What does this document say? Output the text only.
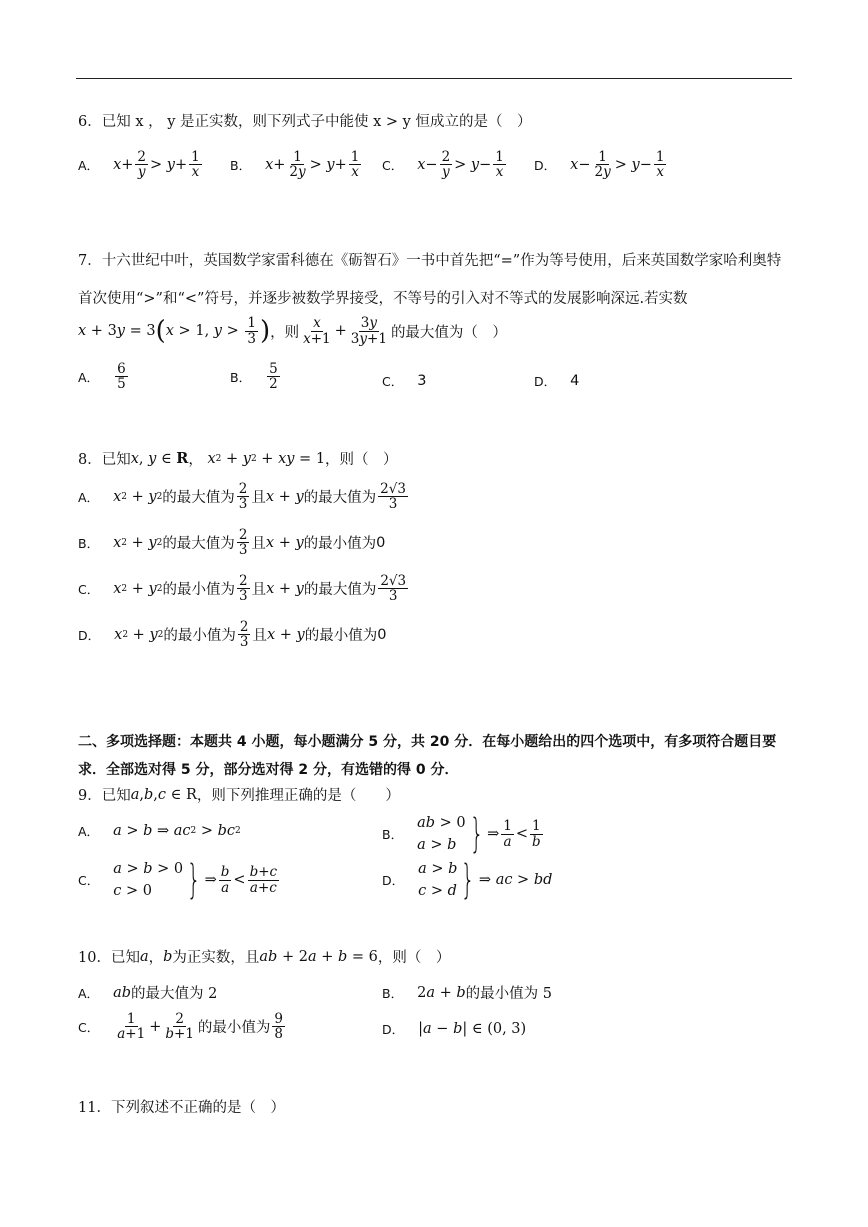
6．已知 x ， y 是正实数，则下列式子中能使 x > y 恒成立的是（　）
A． $x + \frac{2}{y} > y + \frac{1}{x}$ B． $x + \frac{1}{2y} > y + \frac{1}{x}$ C． $x - \frac{2}{y} > y - \frac{1}{x}$ D． $x - \frac{1}{2y} > y - \frac{1}{x}$
7．十六世纪中叶，英国数学家雷科德在《砺智石》一书中首先把“=”作为等号使用，后来英国数学家哈利奥特首次使用“>”和“<”符号，并逐步被数学界接受，不等号的引入对不等式的发展影响深远.若实数
x + 3 y = 3 ( x > 1 , $y > \frac{1}{3}$ ) ，则 $\frac{x}{x+1} + \frac{3y}{3y+1}$ 的最大值为（　）
A． $\frac{6}{5}$	B． $\frac{5}{2}$	C． 3	D． 4
8．已知 x , y ∈ R ， x 2 + y 2 + xy = 1 ，则（　）
A． x 2 + y 2 的最大值为 $\frac{2}{3}$ 且 x + y 的最大值为 $\frac{2√3}{3}$
B． x 2 + y 2 的最大值为 $\frac{2}{3}$ 且 x + y 的最小值为 0
C． x 2 + y 2 的最小值为 $\frac{2}{3}$ 且 x + y 的最大值为 $\frac{2√3}{3}$
D． x 2 + y 2 的最小值为 $\frac{2}{3}$ 且 x + y 的最小值为 0
二、多项选择题：本题共 4 小题，每小题满分 5 分，共 20 分．在每小题给出的四个选项中，有多项符合题目要求．全部选对得 5 分，部分选对得 2 分，有选错的得 0 分．
9．已知 a , b , c ∈ R ，则下列推理正确的是（　　）
A． a > b ⇒ ac 2 > bc 2	B．
ab > 0
a > b } ⇒ $\frac{1}{a} < \frac{1}{b}$
C．
a > b > 0
c > 0 } ⇒ $\frac{b}{a} < \frac{b+c}{a+c}$	D．
a > b
c > d } ⇒ ac > bd
10．已知 a ， b 为正实数，且 ab + 2 a + b = 6 ，则（　）
A． ab 的最大值为 2	B． 2 a + b 的最小值为 5
C． $\frac{1}{a+1} + \frac{2}{b+1}$ 的最小值为 $\frac{9}{8}$	D． | a − b | ∈ (0, 3)
11．下列叙述不正确的是（　）
